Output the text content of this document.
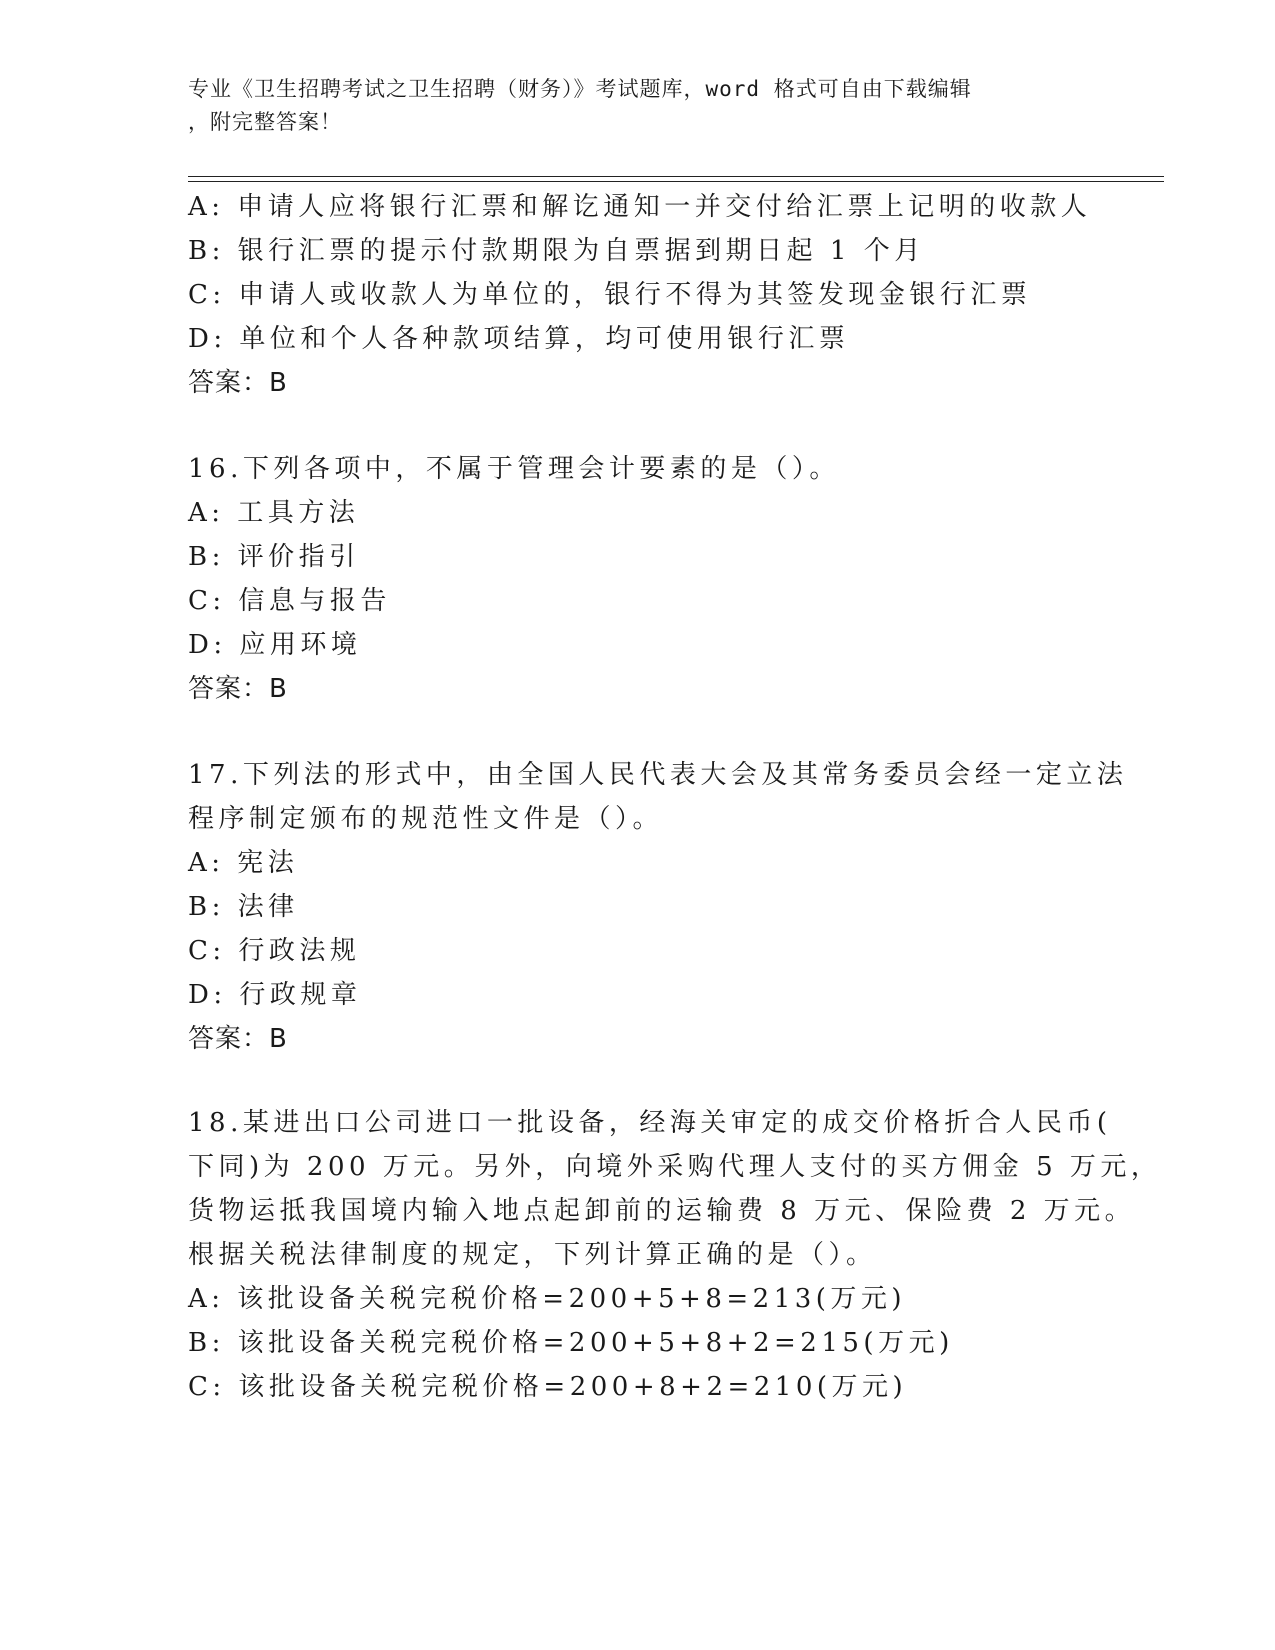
专业《卫生招聘考试之卫生招聘（财务）》考试题库，word 格式可自由下载编辑
，附完整答案！
A: 申请人应将银行汇票和解讫通知一并交付给汇票上记明的收款人
B: 银行汇票的提示付款期限为自票据到期日起 1 个月
C: 申请人或收款人为单位的，银行不得为其签发现金银行汇票
D: 单位和个人各种款项结算，均可使用银行汇票
答案：B
16.下列各项中，不属于管理会计要素的是（）。
A: 工具方法
B: 评价指引
C: 信息与报告
D: 应用环境
答案：B
17.下列法的形式中，由全国人民代表大会及其常务委员会经一定立法
程序制定颁布的规范性文件是（）。
A: 宪法
B: 法律
C: 行政法规
D: 行政规章
答案：B
18.某进出口公司进口一批设备，经海关审定的成交价格折合人民币(
下同)为 200 万元。另外，向境外采购代理人支付的买方佣金 5 万元，
货物运抵我国境内输入地点起卸前的运输费 8 万元、保险费 2 万元。
根据关税法律制度的规定，下列计算正确的是（）。
A: 该批设备关税完税价格=200+5+8=213(万元)
B: 该批设备关税完税价格=200+5+8+2=215(万元)
C: 该批设备关税完税价格=200+8+2=210(万元)
